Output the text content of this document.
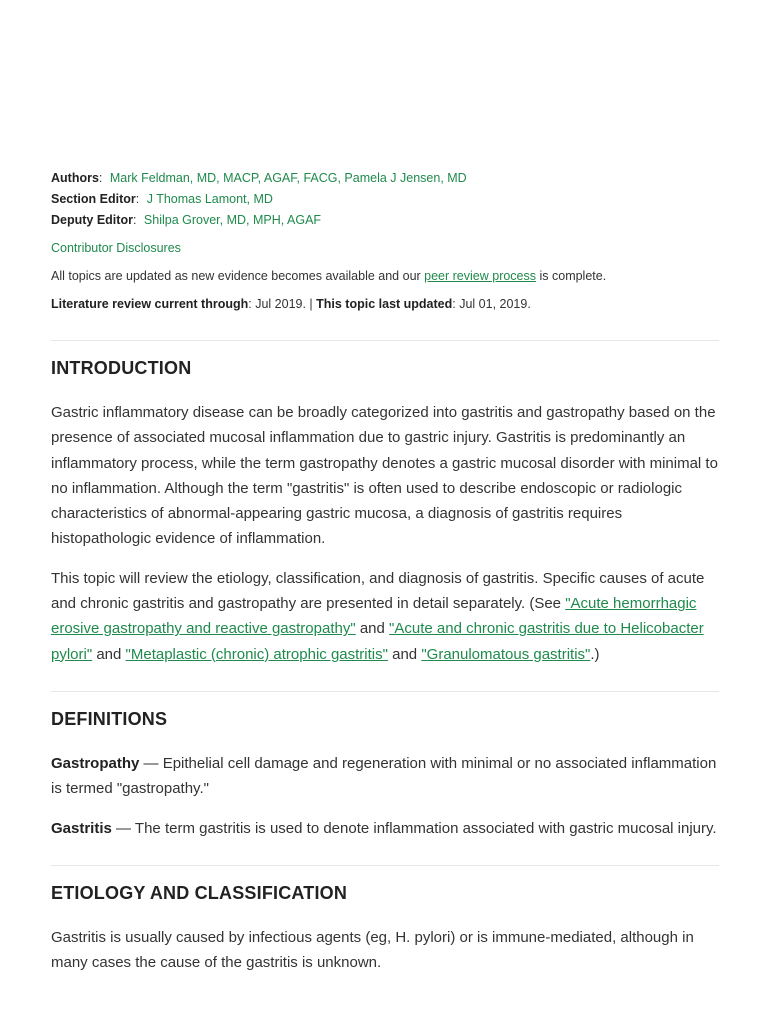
Authors: Mark Feldman, MD, MACP, AGAF, FACG, Pamela J Jensen, MD
Section Editor: J Thomas Lamont, MD
Deputy Editor: Shilpa Grover, MD, MPH, AGAF
Contributor Disclosures
All topics are updated as new evidence becomes available and our peer review process is complete.
Literature review current through: Jul 2019. | This topic last updated: Jul 01, 2019.
INTRODUCTION

Gastric inflammatory disease can be broadly categorized into gastritis and gastropathy based on the presence of associated mucosal inflammation due to gastric injury. Gastritis is predominantly an inflammatory process, while the term gastropathy denotes a gastric mucosal disorder with minimal to no inflammation. Although the term "gastritis" is often used to describe endoscopic or radiologic characteristics of abnormal-appearing gastric mucosa, a diagnosis of gastritis requires histopathologic evidence of inflammation.

This topic will review the etiology, classification, and diagnosis of gastritis. Specific causes of acute and chronic gastritis and gastropathy are presented in detail separately. (See "Acute hemorrhagic erosive gastropathy and reactive gastropathy" and "Acute and chronic gastritis due to Helicobacter pylori" and "Metaplastic (chronic) atrophic gastritis" and "Granulomatous gastritis".)

DEFINITIONS

Gastropathy — Epithelial cell damage and regeneration with minimal or no associated inflammation is termed "gastropathy."

Gastritis — The term gastritis is used to denote inflammation associated with gastric mucosal injury.

ETIOLOGY AND CLASSIFICATION

Gastritis is usually caused by infectious agents (eg, H. pylori) or is immune-mediated, although in many cases the cause of the gastritis is unknown.
